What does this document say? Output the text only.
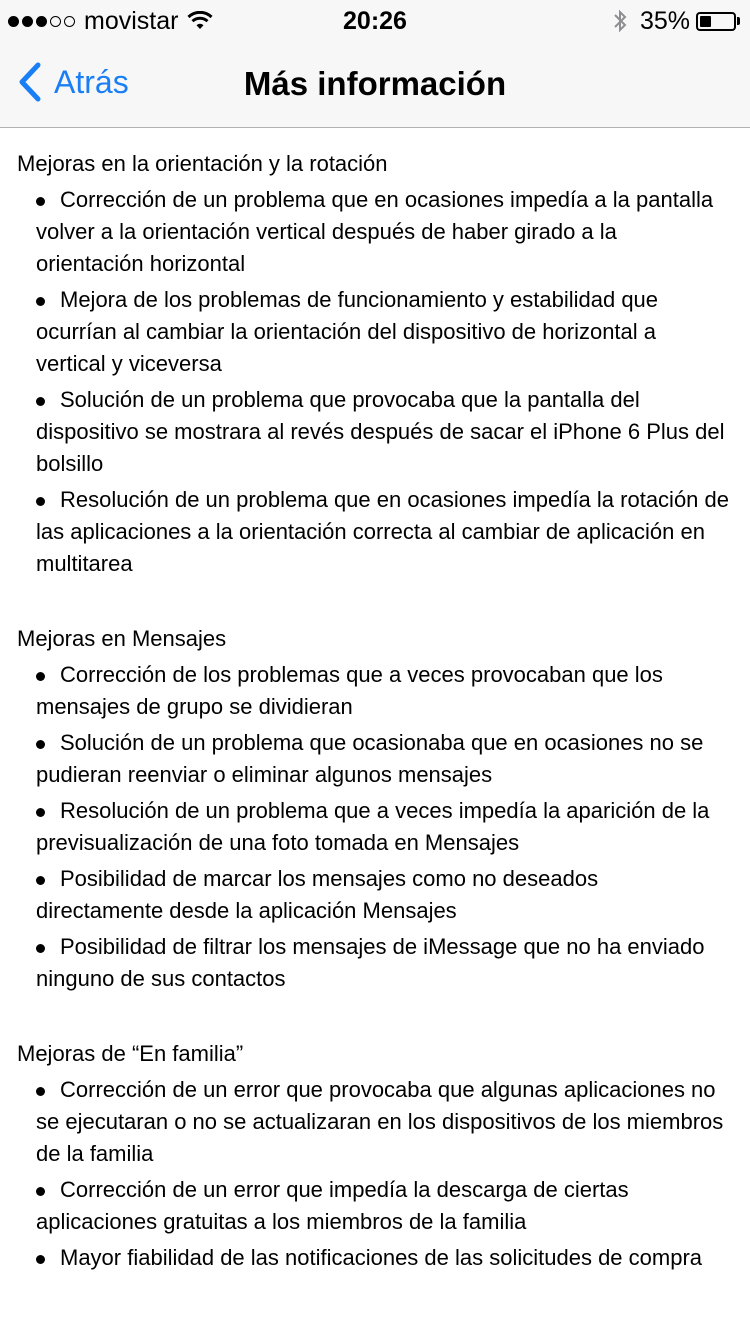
movistar	20:26	35%
Atrás	Más información
Mejoras en la orientación y la rotación
Corrección de un problema que en ocasiones impedía a la pantalla volver a la orientación vertical después de haber girado a la orientación horizontal
Mejora de los problemas de funcionamiento y estabilidad que ocurrían al cambiar la orientación del dispositivo de horizontal a vertical y viceversa
Solución de un problema que provocaba que la pantalla del dispositivo se mostrara al revés después de sacar el iPhone 6 Plus del bolsillo
Resolución de un problema que en ocasiones impedía la rotación de las aplicaciones a la orientación correcta al cambiar de aplicación en multitarea
Mejoras en Mensajes
Corrección de los problemas que a veces provocaban que los mensajes de grupo se dividieran
Solución de un problema que ocasionaba que en ocasiones no se pudieran reenviar o eliminar algunos mensajes
Resolución de un problema que a veces impedía la aparición de la previsualización de una foto tomada en Mensajes
Posibilidad de marcar los mensajes como no deseados directamente desde la aplicación Mensajes
Posibilidad de filtrar los mensajes de iMessage que no ha enviado ninguno de sus contactos
Mejoras de “En familia”
Corrección de un error que provocaba que algunas aplicaciones no se ejecutaran o no se actualizaran en los dispositivos de los miembros de la familia
Corrección de un error que impedía la descarga de ciertas aplicaciones gratuitas a los miembros de la familia
Mayor fiabilidad de las notificaciones de las solicitudes de compra
